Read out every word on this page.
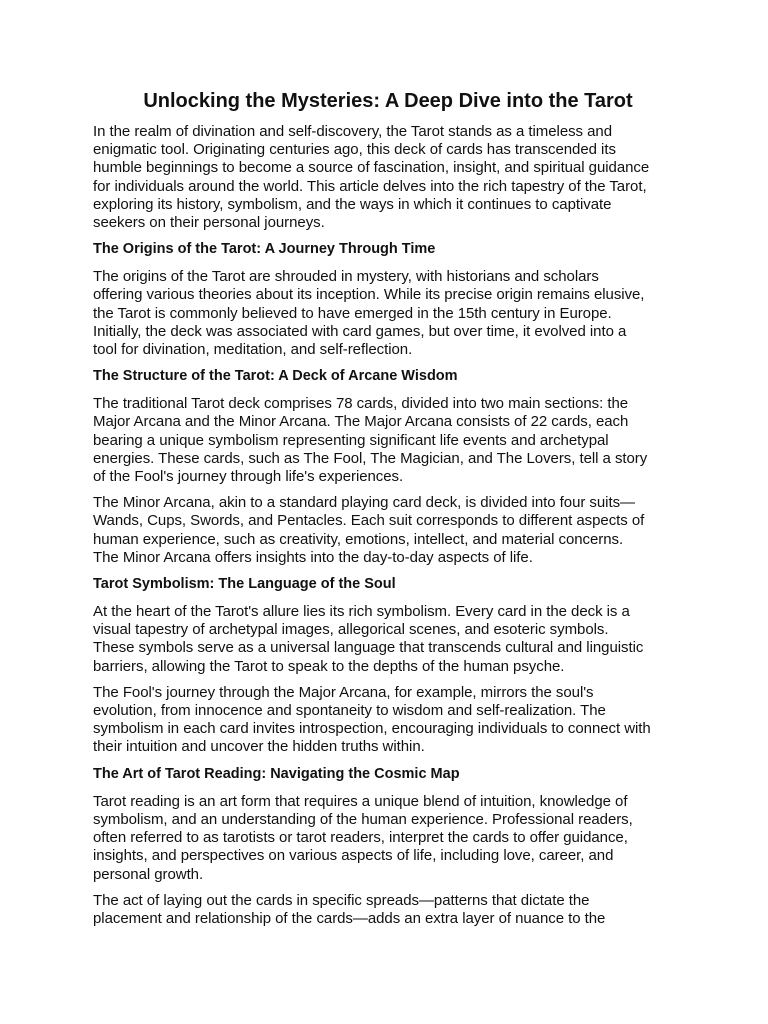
Unlocking the Mysteries: A Deep Dive into the Tarot

In the realm of divination and self-discovery, the Tarot stands as a timeless and
enigmatic tool. Originating centuries ago, this deck of cards has transcended its
humble beginnings to become a source of fascination, insight, and spiritual guidance
for individuals around the world. This article delves into the rich tapestry of the Tarot,
exploring its history, symbolism, and the ways in which it continues to captivate
seekers on their personal journeys.

The Origins of the Tarot: A Journey Through Time

The origins of the Tarot are shrouded in mystery, with historians and scholars
offering various theories about its inception. While its precise origin remains elusive,
the Tarot is commonly believed to have emerged in the 15th century in Europe.
Initially, the deck was associated with card games, but over time, it evolved into a
tool for divination, meditation, and self-reflection.

The Structure of the Tarot: A Deck of Arcane Wisdom

The traditional Tarot deck comprises 78 cards, divided into two main sections: the
Major Arcana and the Minor Arcana. The Major Arcana consists of 22 cards, each
bearing a unique symbolism representing significant life events and archetypal
energies. These cards, such as The Fool, The Magician, and The Lovers, tell a story
of the Fool's journey through life's experiences.

The Minor Arcana, akin to a standard playing card deck, is divided into four suits—
Wands, Cups, Swords, and Pentacles. Each suit corresponds to different aspects of
human experience, such as creativity, emotions, intellect, and material concerns.
The Minor Arcana offers insights into the day-to-day aspects of life.

Tarot Symbolism: The Language of the Soul

At the heart of the Tarot's allure lies its rich symbolism. Every card in the deck is a
visual tapestry of archetypal images, allegorical scenes, and esoteric symbols.
These symbols serve as a universal language that transcends cultural and linguistic
barriers, allowing the Tarot to speak to the depths of the human psyche.

The Fool's journey through the Major Arcana, for example, mirrors the soul's
evolution, from innocence and spontaneity to wisdom and self-realization. The
symbolism in each card invites introspection, encouraging individuals to connect with
their intuition and uncover the hidden truths within.

The Art of Tarot Reading: Navigating the Cosmic Map

Tarot reading is an art form that requires a unique blend of intuition, knowledge of
symbolism, and an understanding of the human experience. Professional readers,
often referred to as tarotists or tarot readers, interpret the cards to offer guidance,
insights, and perspectives on various aspects of life, including love, career, and
personal growth.

The act of laying out the cards in specific spreads—patterns that dictate the
placement and relationship of the cards—adds an extra layer of nuance to the
